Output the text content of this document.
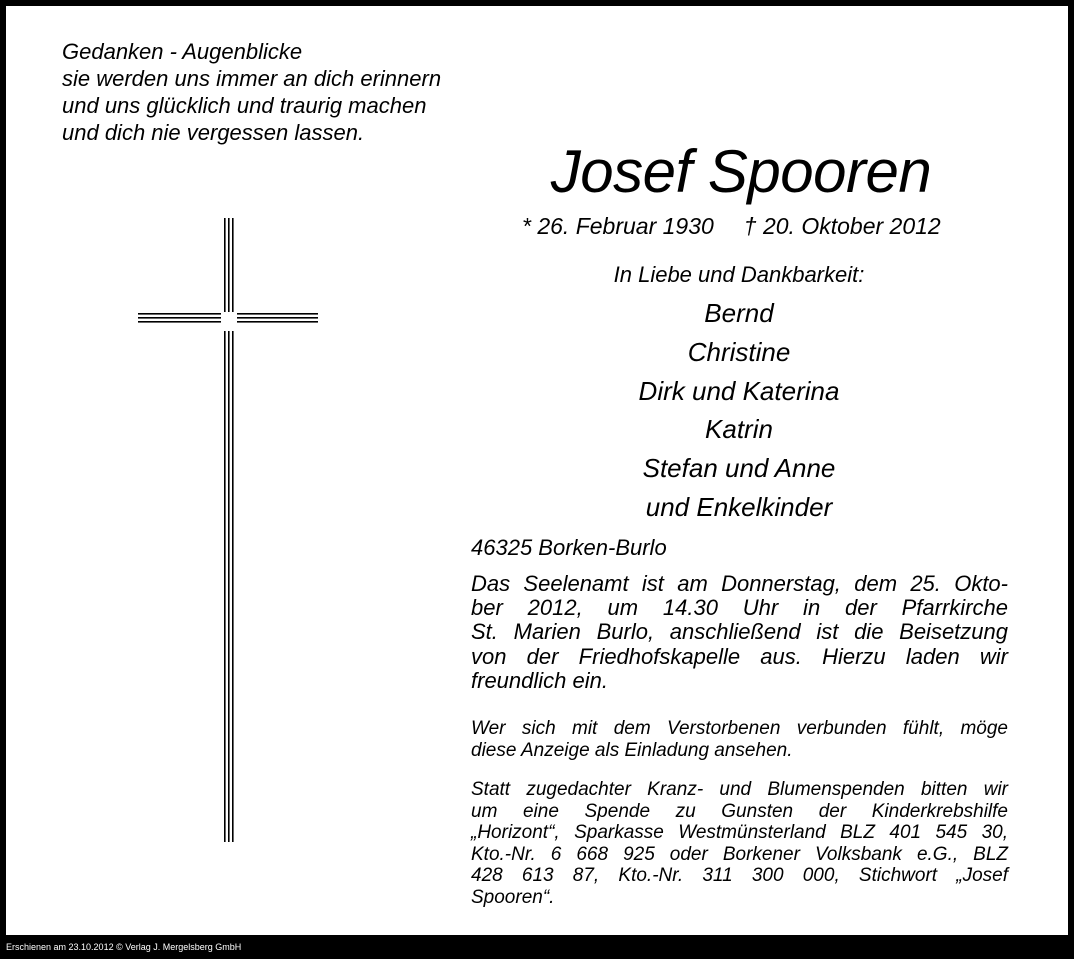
Gedanken - Augenblicke
sie werden uns immer an dich erinnern
und uns glücklich und traurig machen
und dich nie vergessen lassen.
Josef Spooren
* 26. Februar 1930 † 20. Oktober 2012
In Liebe und Dankbarkeit:
Bernd
Christine
Dirk und Katerina
Katrin
Stefan und Anne
und Enkelkinder
46325 Borken-Burlo
Das Seelenamt ist am Donnerstag, dem 25. Okto-
ber 2012, um 14.30 Uhr in der Pfarrkirche
St. Marien Burlo, anschließend ist die Beisetzung
von der Friedhofskapelle aus. Hierzu laden wir
freundlich ein.
Wer sich mit dem Verstorbenen verbunden fühlt, möge
diese Anzeige als Einladung ansehen.
Statt zugedachter Kranz- und Blumenspenden bitten wir
um eine Spende zu Gunsten der Kinderkrebshilfe
„Horizont“, Sparkasse Westmünsterland BLZ 401 545 30,
Kto.-Nr. 6 668 925 oder Borkener Volksbank e.G., BLZ
428 613 87, Kto.-Nr. 311 300 000, Stichwort „Josef
Spooren“.
Erschienen am 23.10.2012 © Verlag J. Mergelsberg GmbH
